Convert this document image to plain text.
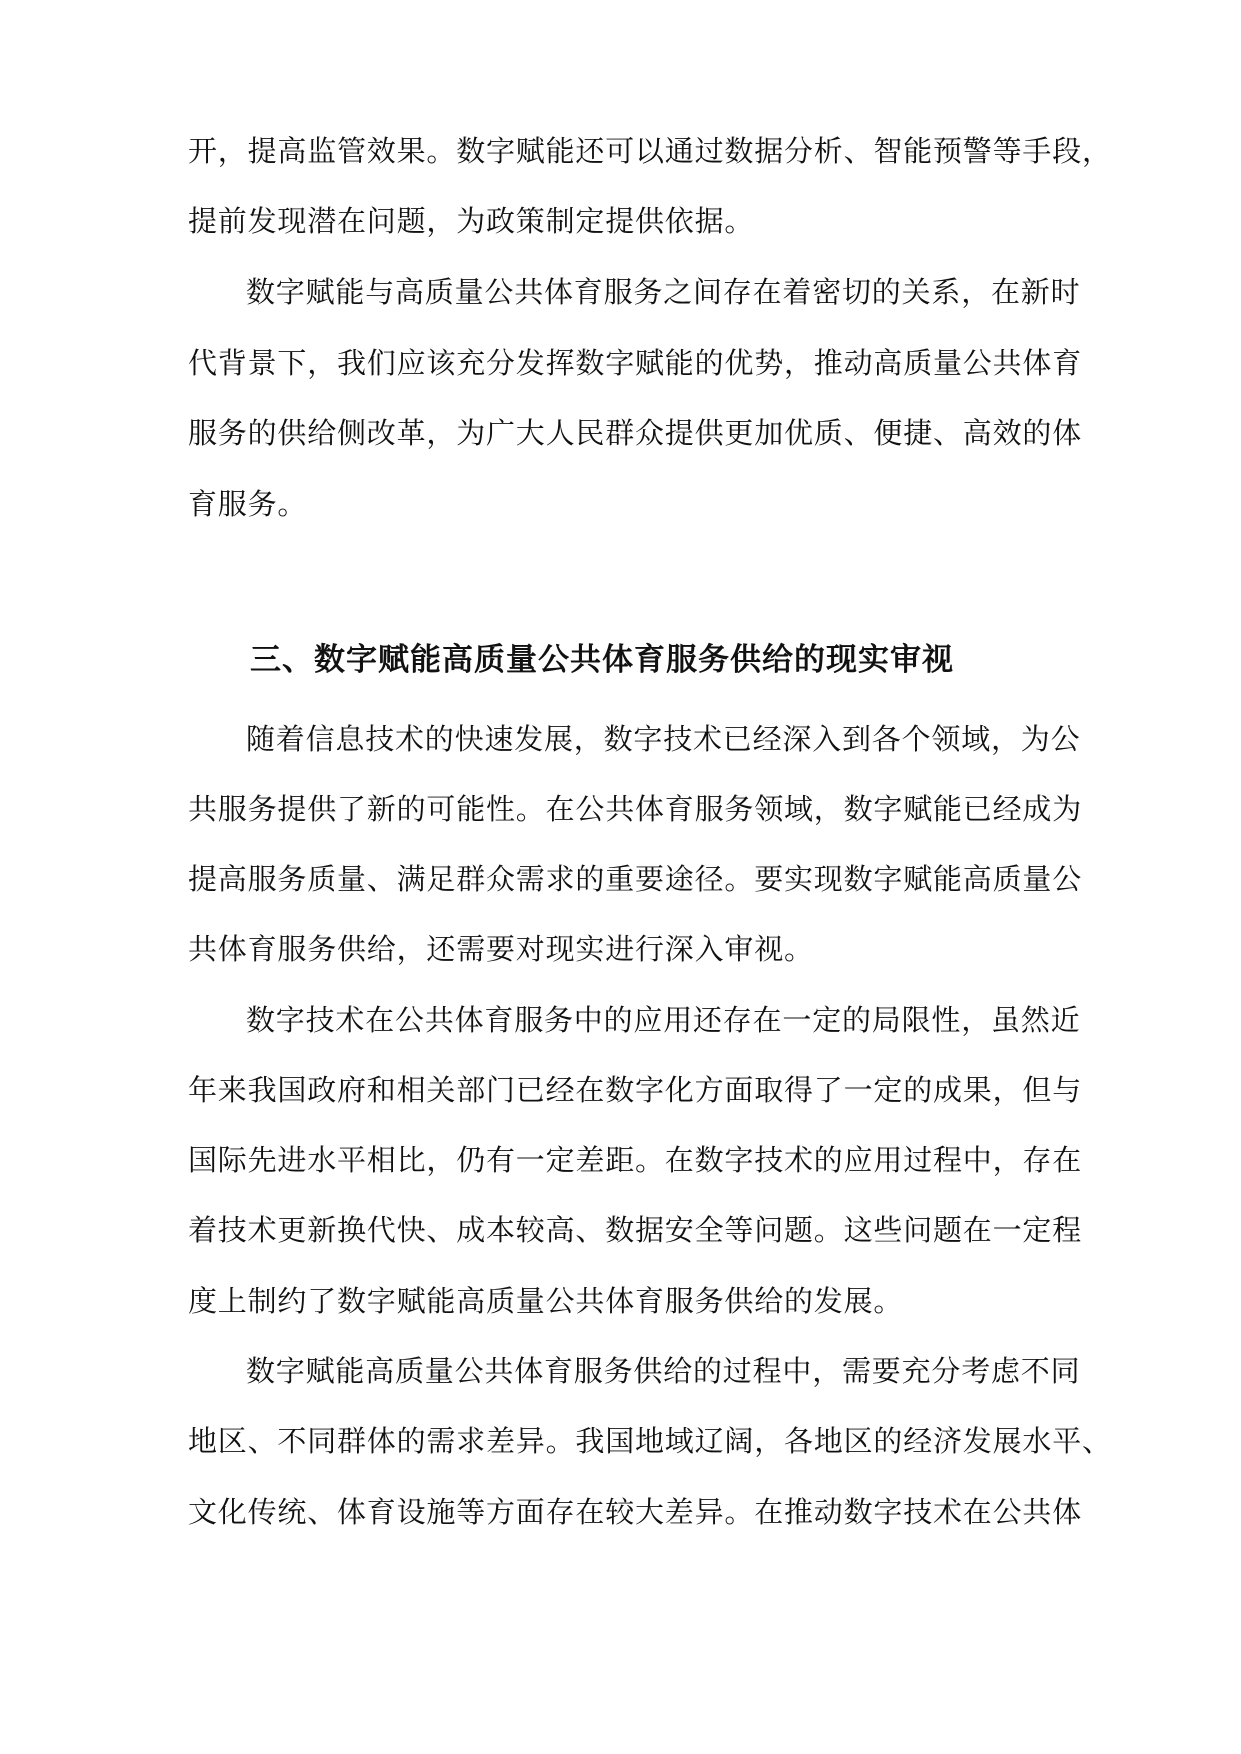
开，提高监管效果。数字赋能还可以通过数据分析、智能预警等手段，
提前发现潜在问题，为政策制定提供依据。
数字赋能与高质量公共体育服务之间存在着密切的关系，在新时
代背景下，我们应该充分发挥数字赋能的优势，推动高质量公共体育
服务的供给侧改革，为广大人民群众提供更加优质、便捷、高效的体
育服务。
三、数字赋能高质量公共体育服务供给的现实审视
随着信息技术的快速发展，数字技术已经深入到各个领域，为公
共服务提供了新的可能性。在公共体育服务领域，数字赋能已经成为
提高服务质量、满足群众需求的重要途径。要实现数字赋能高质量公
共体育服务供给，还需要对现实进行深入审视。
数字技术在公共体育服务中的应用还存在一定的局限性，虽然近
年来我国政府和相关部门已经在数字化方面取得了一定的成果，但与
国际先进水平相比，仍有一定差距。在数字技术的应用过程中，存在
着技术更新换代快、成本较高、数据安全等问题。这些问题在一定程
度上制约了数字赋能高质量公共体育服务供给的发展。
数字赋能高质量公共体育服务供给的过程中，需要充分考虑不同
地区、不同群体的需求差异。我国地域辽阔，各地区的经济发展水平、
文化传统、体育设施等方面存在较大差异。在推动数字技术在公共体
